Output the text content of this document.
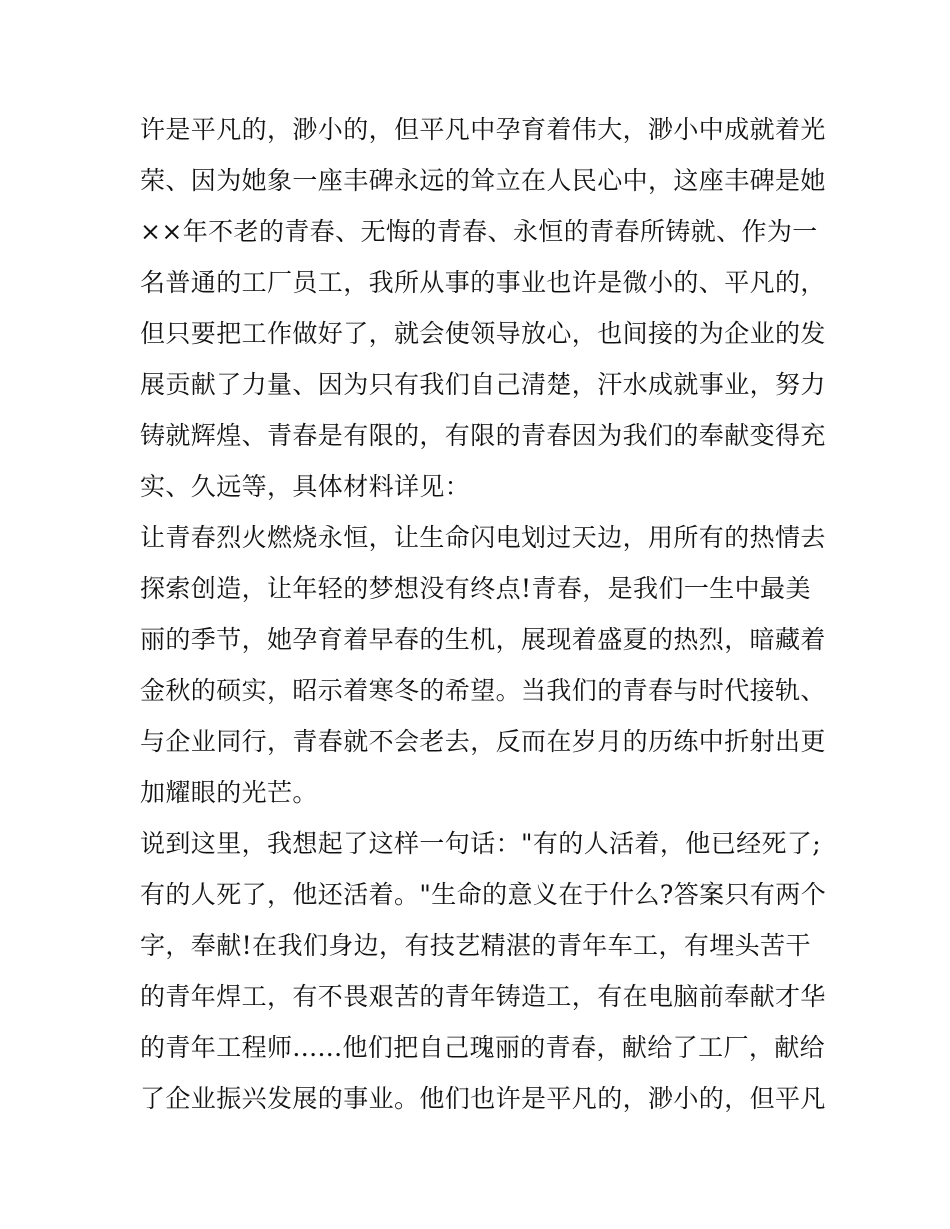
许是平凡的，渺小的，但平凡中孕育着伟大，渺小中成就着光
荣、因为她象一座丰碑永远的耸立在人民心中，这座丰碑是她
××年不老的青春、无悔的青春、永恒的青春所铸就、作为一
名普通的工厂员工，我所从事的事业也许是微小的、平凡的，
但只要把工作做好了，就会使领导放心，也间接的为企业的发
展贡献了力量、因为只有我们自己清楚，汗水成就事业，努力
铸就辉煌、青春是有限的，有限的青春因为我们的奉献变得充
实、久远等，具体材料详见：
让青春烈火燃烧永恒，让生命闪电划过天边，用所有的热情去
探索创造，让年轻的梦想没有终点!青春，是我们一生中最美
丽的季节，她孕育着早春的生机，展现着盛夏的热烈，暗藏着
金秋的硕实，昭示着寒冬的希望。当我们的青春与时代接轨、
与企业同行，青春就不会老去，反而在岁月的历练中折射出更
加耀眼的光芒。
说到这里，我想起了这样一句话："有的人活着，他已经死了;
有的人死了，他还活着。"生命的意义在于什么?答案只有两个
字，奉献!在我们身边，有技艺精湛的青年车工，有埋头苦干
的青年焊工，有不畏艰苦的青年铸造工，有在电脑前奉献才华
的青年工程师......他们把自己瑰丽的青春，献给了工厂，献给
了企业振兴发展的事业。他们也许是平凡的，渺小的，但平凡
